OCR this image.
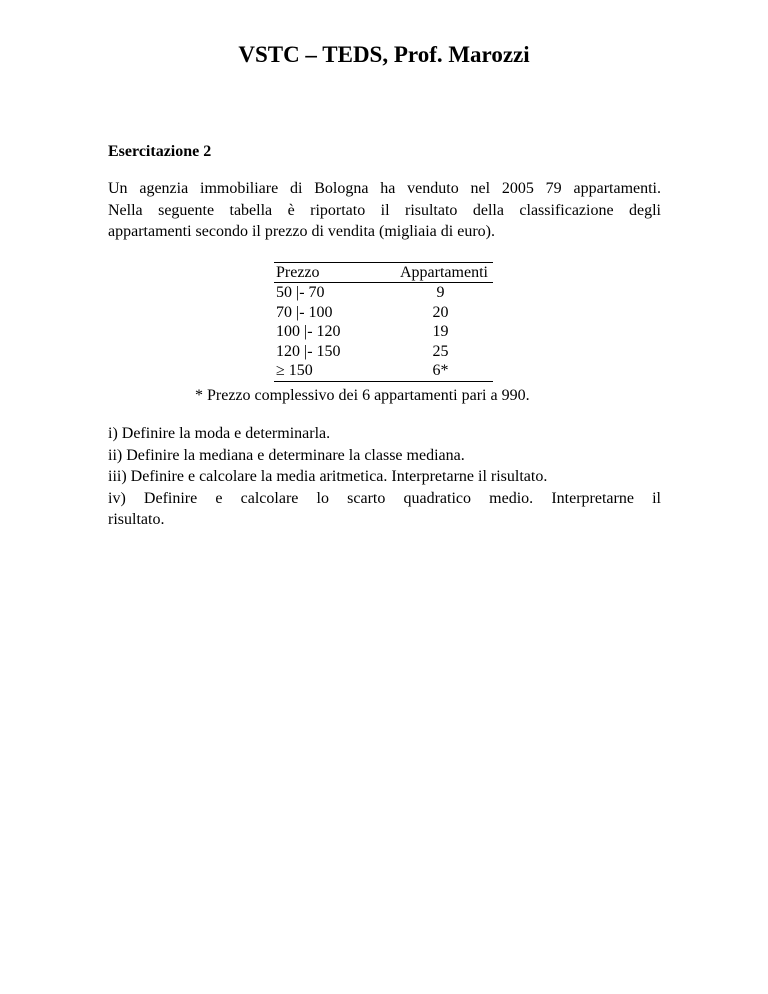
VSTC – TEDS, Prof. Marozzi
Esercitazione 2
Un agenzia immobiliare di Bologna ha venduto nel 2005 79 appartamenti.
Nella seguente tabella è riportato il risultato della classificazione degli
appartamenti secondo il prezzo di vendita (migliaia di euro).
Prezzo	Appartamenti
50 |- 70	9
70 |- 100	20
100 |- 120	19
120 |- 150	25
≥ 150	6*
* Prezzo complessivo dei 6 appartamenti pari a 990.
i) Definire la moda e determinarla.
ii) Definire la mediana e determinare la classe mediana.
iii) Definire e calcolare la media aritmetica. Interpretarne il risultato.
iv) Definire e calcolare lo scarto quadratico medio. Interpretarne il
risultato.
